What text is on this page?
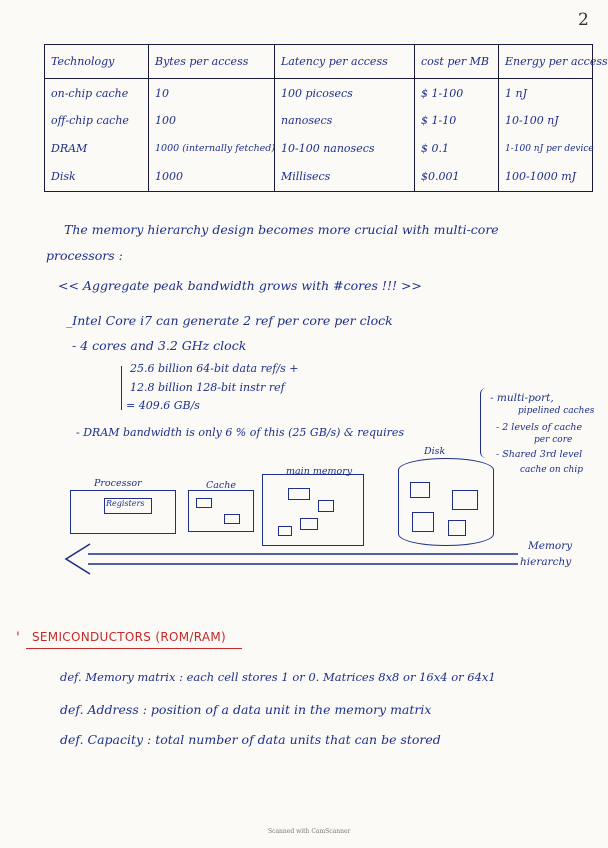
2
Technology	Bytes per access	Latency per access	cost per MB	Energy per access
on-chip cache	10	100 picosecs	$ 1-100	1 nJ
off-chip cache	100	nanosecs	$ 1-10	10-100 nJ
DRAM	1000 (internally fetched)	10-100 nanosecs	$ 0.1	1-100 nJ per device
Disk	1000	Millisecs	$0.001	100-1000 mJ
The memory hierarchy design becomes more crucial with multi-core
processors :
<< Aggregate peak bandwidth grows with #cores !!! >>
_Intel Core i7 can generate 2 ref per core per clock
- 4 cores and 3.2 GHz clock
25.6 billion 64-bit data ref/s +
12.8 billion 128-bit instr ref
= 409.6 GB/s
- DRAM bandwidth is only 6 % of this (25 GB/s) & requires
- multi-port,
pipelined caches
- 2 levels of cache
per core
- Shared 3rd level
cache on chip
Processor
Registers
Cache
main memory
Disk
Memory
hierarchy
' SEMICONDUCTORS (ROM/RAM)
def. Memory matrix : each cell stores 1 or 0. Matrices 8x8 or 16x4 or 64x1
def. Address : position of a data unit in the memory matrix
def. Capacity : total number of data units that can be stored
Scanned with CamScanner
